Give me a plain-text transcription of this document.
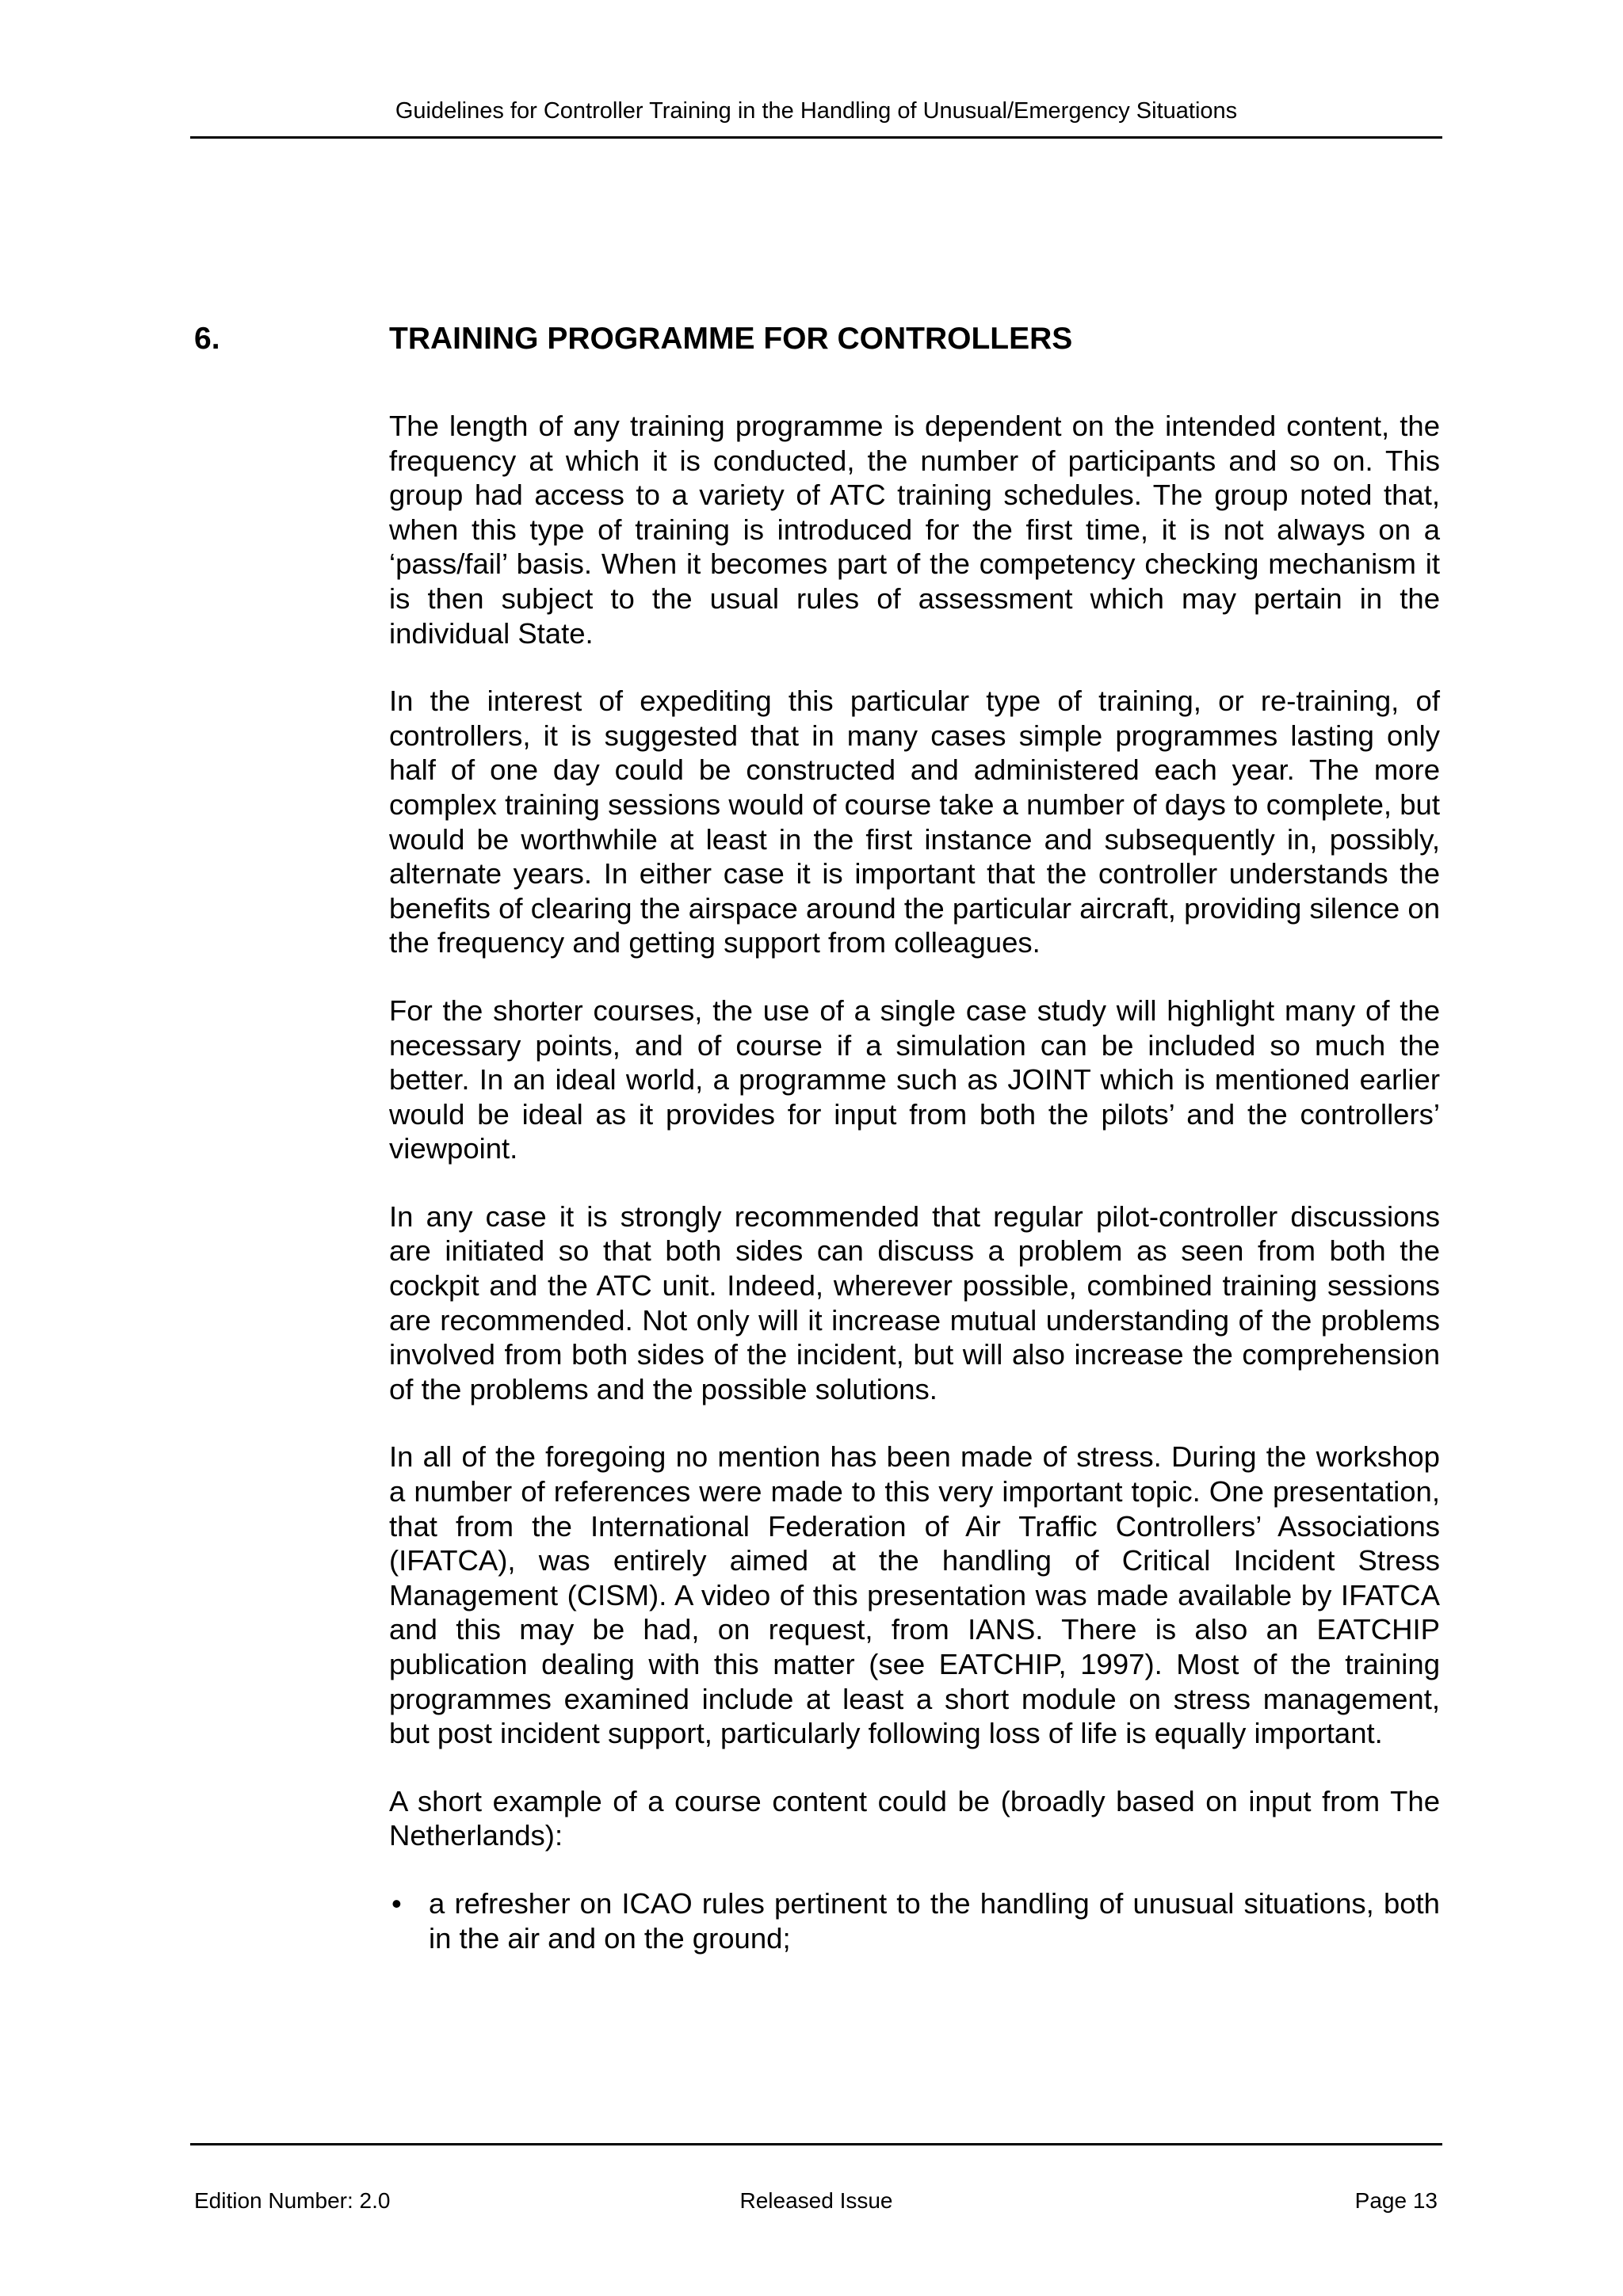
Guidelines for Controller Training in the Handling of Unusual/Emergency Situations
6.	TRAINING PROGRAMME FOR CONTROLLERS

The length of any training programme is dependent on the intended content, the frequency at which it is conducted, the number of participants and so on. This group had access to a variety of ATC training schedules. The group noted that, when this type of training is introduced for the first time, it is not always on a ‘pass/fail’ basis. When it becomes part of the competency checking mechanism it is then subject to the usual rules of assessment which may pertain in the individual State.

In the interest of expediting this particular type of training, or re-training, of controllers, it is suggested that in many cases simple programmes lasting only half of one day could be constructed and administered each year. The more complex training sessions would of course take a number of days to complete, but would be worthwhile at least in the first instance and subsequently in, possibly, alternate years. In either case it is important that the controller understands the benefits of clearing the airspace around the particular aircraft, providing silence on the frequency and getting support from colleagues.

For the shorter courses, the use of a single case study will highlight many of the necessary points, and of course if a simulation can be included so much the better. In an ideal world, a programme such as JOINT which is mentioned earlier would be ideal as it provides for input from both the pilots’ and the controllers’ viewpoint.

In any case it is strongly recommended that regular pilot-controller discussions are initiated so that both sides can discuss a problem as seen from both the cockpit and the ATC unit. Indeed, wherever possible, combined training sessions are recommended. Not only will it increase mutual understanding of the problems involved from both sides of the incident, but will also increase the comprehension of the problems and the possible solutions.

In all of the foregoing no mention has been made of stress. During the workshop a number of references were made to this very important topic. One presentation, that from the International Federation of Air Traffic Controllers’ Associations (IFATCA), was entirely aimed at the handling of Critical Incident Stress Management (CISM). A video of this presentation was made available by IFATCA and this may be had, on request, from IANS. There is also an EATCHIP publication dealing with this matter (see EATCHIP, 1997). Most of the training programmes examined include at least a short module on stress management, but post incident support, particularly following loss of life is equally important.

A short example of a course content could be (broadly based on input from The Netherlands):

• a refresher on ICAO rules pertinent to the handling of unusual situations, both in the air and on the ground;
Edition Number: 2.0	Released Issue	Page 13
